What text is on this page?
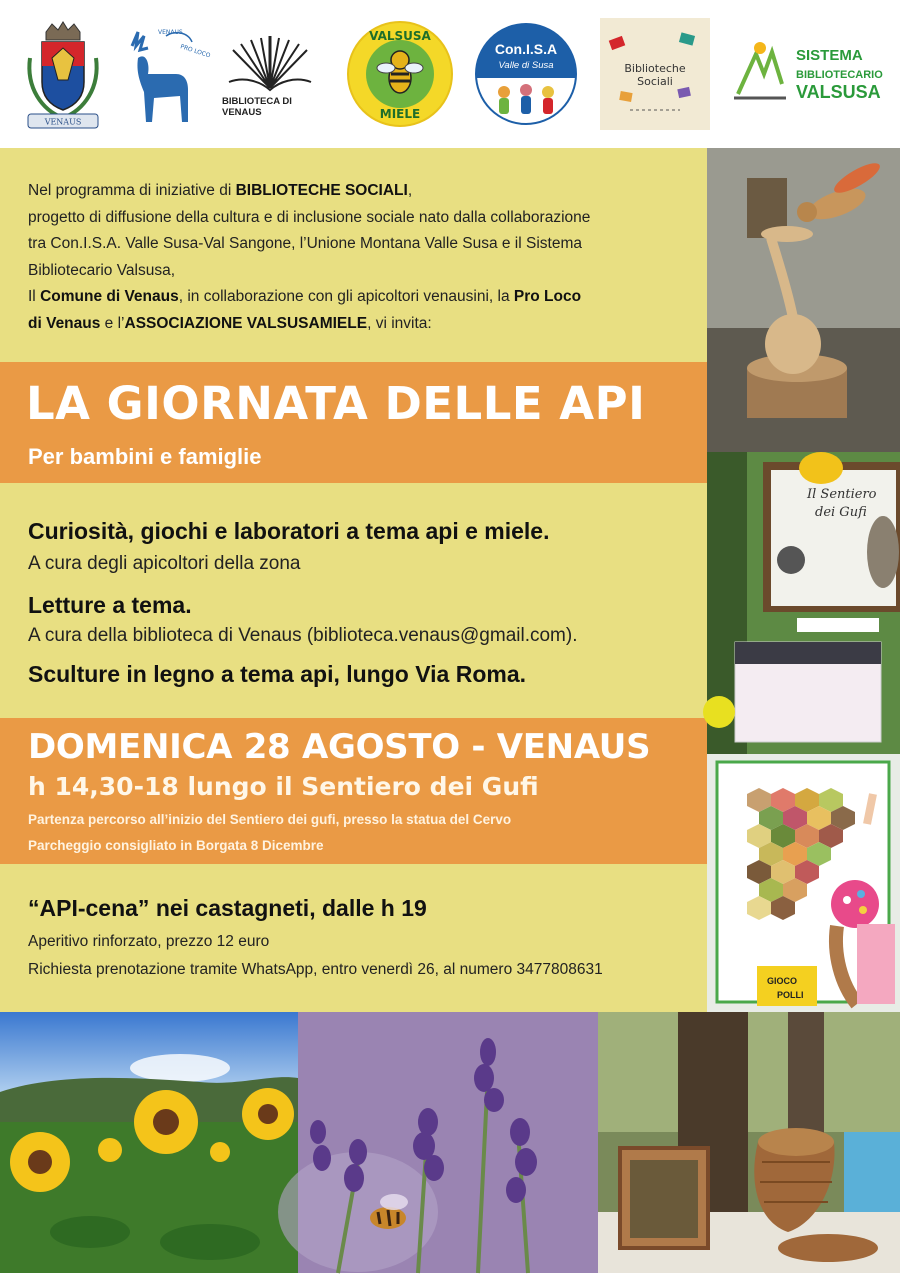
VENAUS
PRO LOCO
VENAUS
BIBLIOTECA DI VENAUS
VALSUSA
MIELE
Con.I.S.A
Valle di Susa	Biblioteche
Sociali
SISTEMA
BIBLIOTECARIO
VALSUSA
Nel programma di iniziative di BIBLIOTECHE SOCIALI,
progetto di diffusione della cultura e di inclusione sociale nato dalla collaborazione
tra Con.I.S.A. Valle Susa-Val Sangone, l’Unione Montana Valle Susa e il Sistema
Bibliotecario Valsusa,
Il Comune di Venaus, in collaborazione con gli apicoltori venausini, la Pro Loco
di Venaus e l’ASSOCIAZIONE VALSUSAMIELE, vi invita:
LA GIORNATA DELLE API
Per bambini e famiglie
Curiosità, giochi e laboratori a tema api e miele.
A cura degli apicoltori della zona
Letture a tema.
A cura della biblioteca di Venaus (biblioteca.venaus@gmail.com).
Sculture in legno a tema api, lungo Via Roma.
DOMENICA 28 AGOSTO - VENAUS
h 14,30-18 lungo il Sentiero dei Gufi
Partenza percorso all’inizio del Sentiero dei gufi, presso la statua del Cervo
Parcheggio consigliato in Borgata 8 Dicembre
“API-cena” nei castagneti, dalle h 19
Aperitivo rinforzato, prezzo 12 euro
Richiesta prenotazione tramite WhatsApp, entro venerdì 26, al numero 3477808631
Il Sentiero
dei Gufi
GIOCO
POLLI
